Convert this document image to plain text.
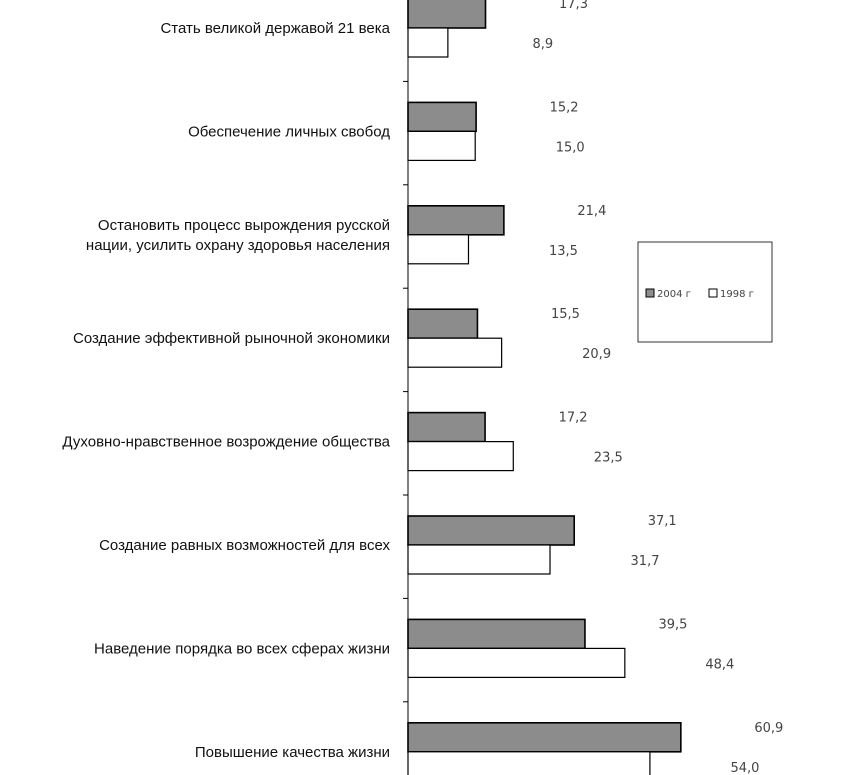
17,3
8,9
15,2
15,0
21,4
13,5
15,5
20,9
17,2
23,5
37,1
31,7
39,5
48,4
60,9
54,0
Стать великой державой 21 века
Обеспечение личных свобод
Остановить процесс вырождения русской
нации, усилить охрану здоровья населения
Создание эффективной рыночной экономики
Духовно-нравственное возрождение общества
Создание равных возможностей для всех
Наведение порядка во всех сферах жизни
Повышение качества жизни
2004 г	1998 г
